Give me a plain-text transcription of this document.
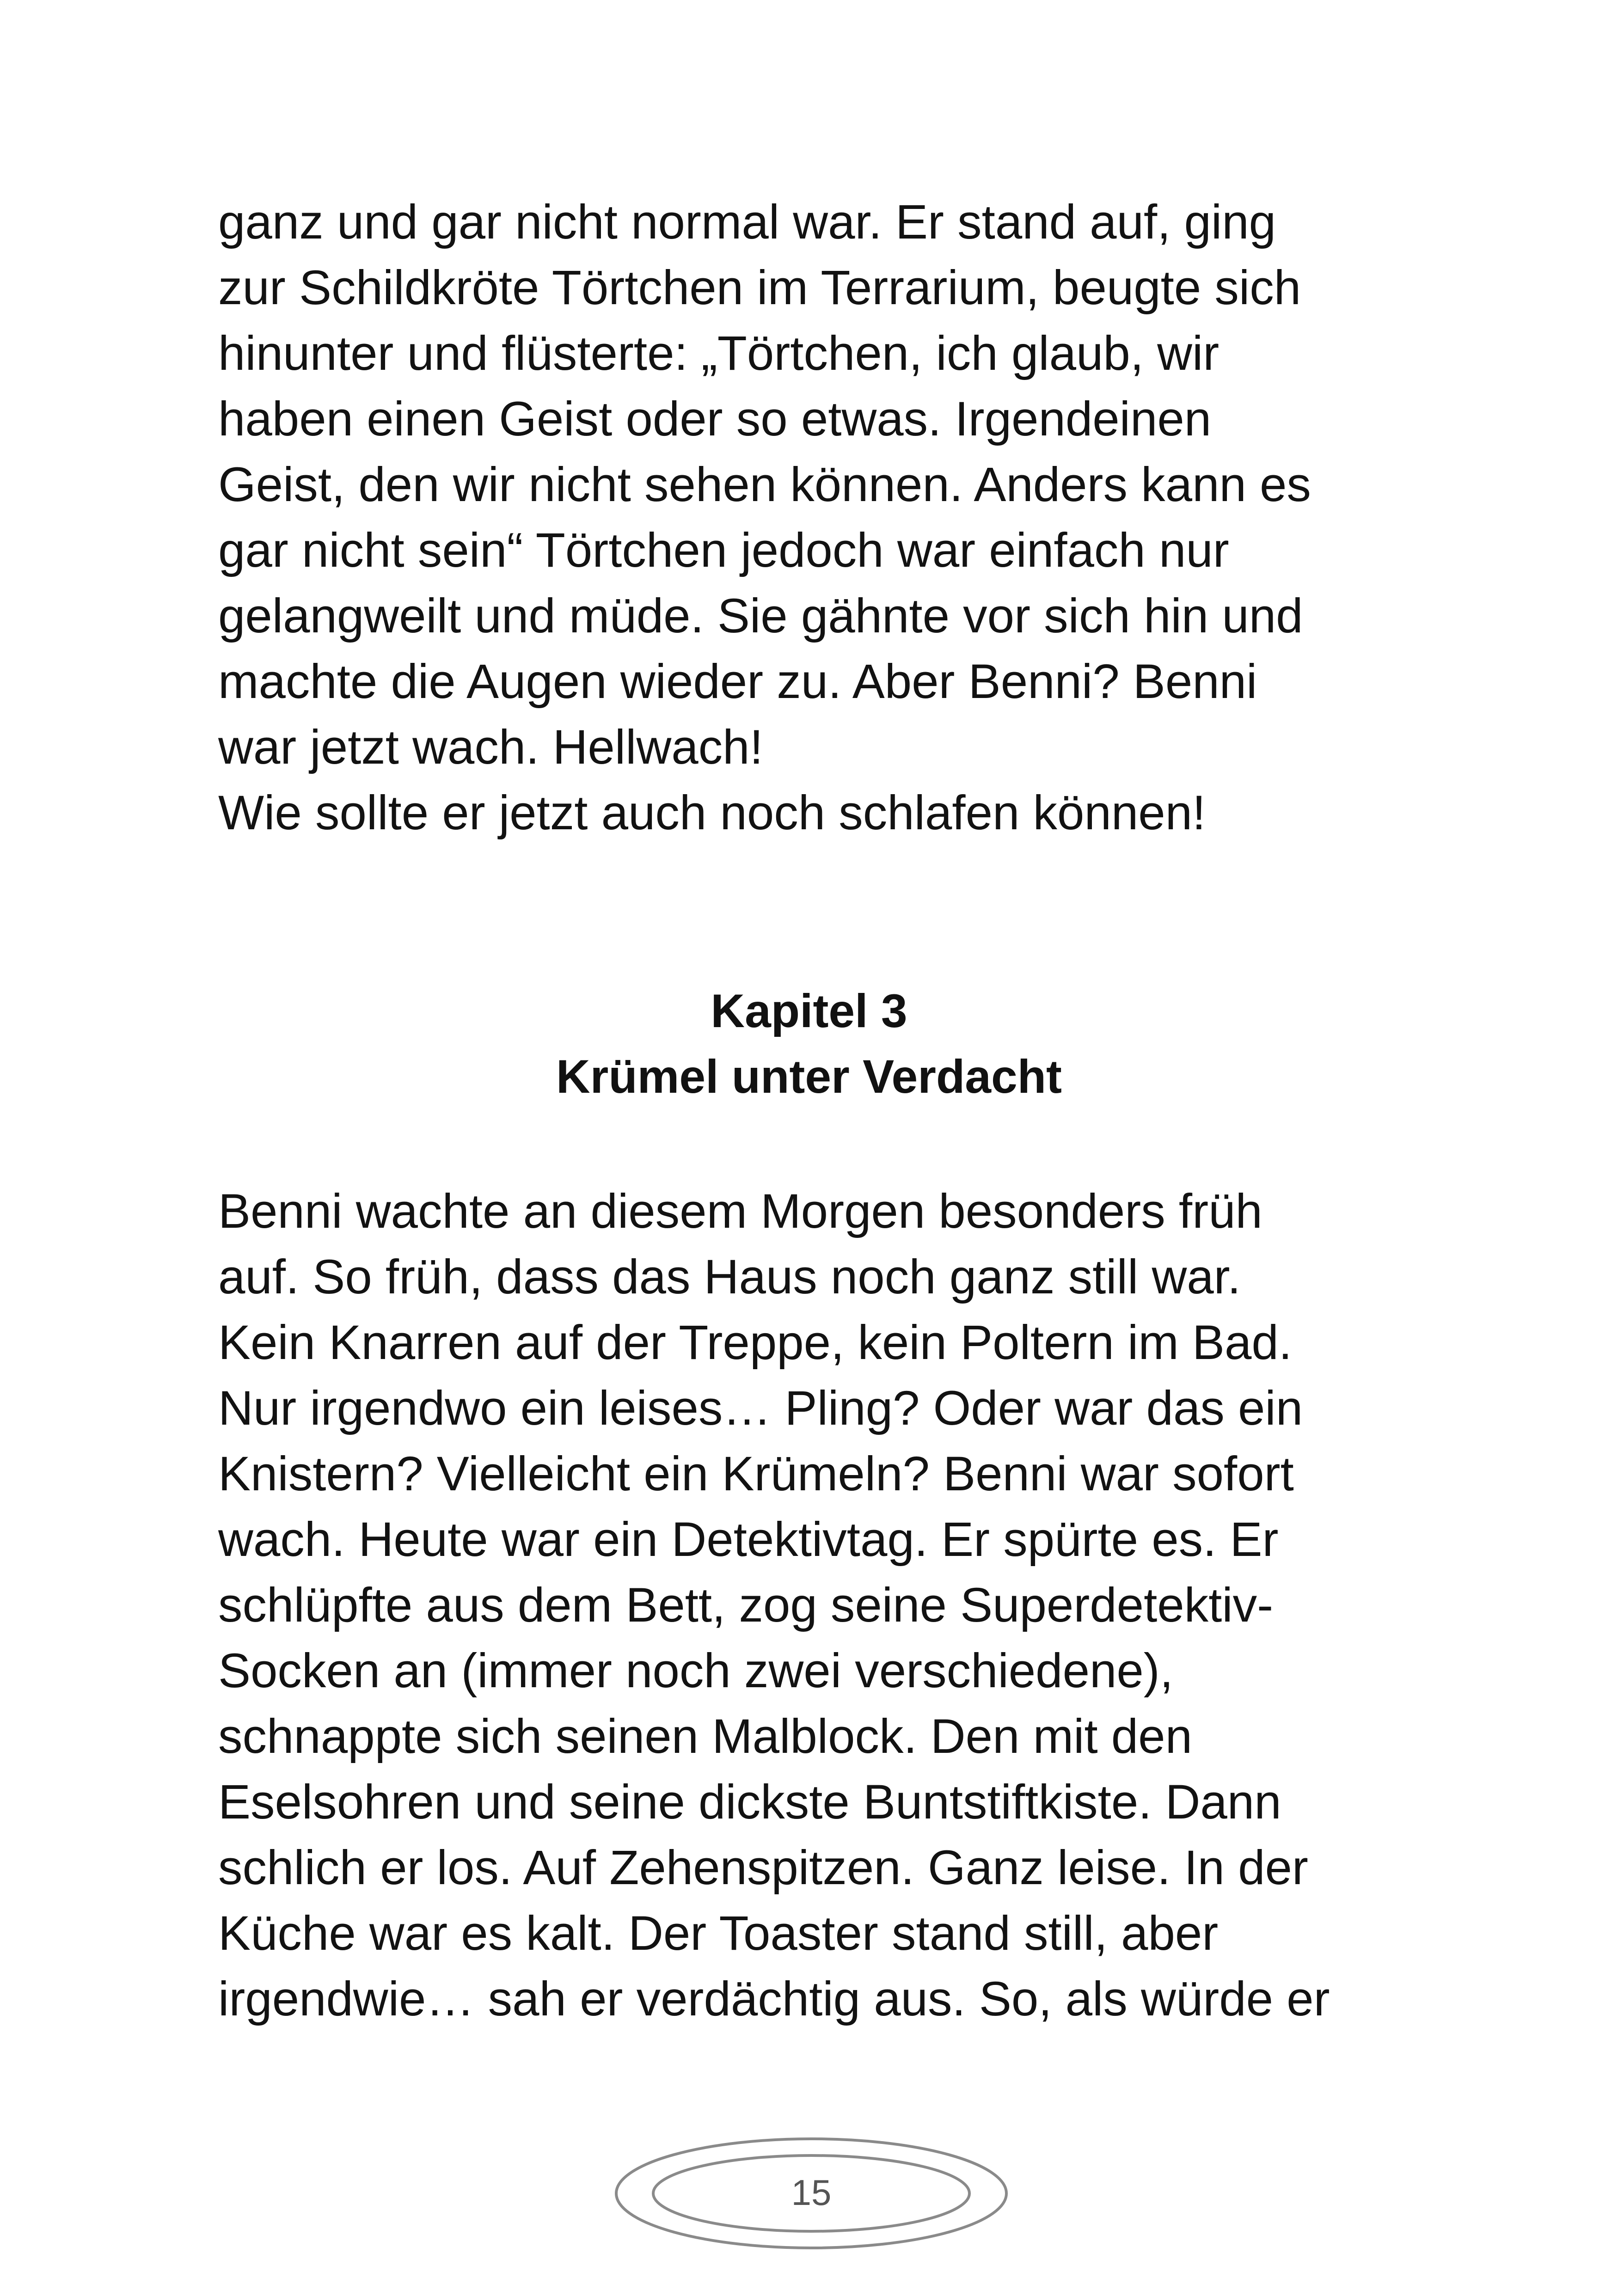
ganz und gar nicht normal war. Er stand auf, ging
zur Schildkröte Törtchen im Terrarium, beugte sich
hinunter und flüsterte: „Törtchen, ich glaub, wir
haben einen Geist oder so etwas. Irgendeinen
Geist, den wir nicht sehen können. Anders kann es
gar nicht sein“ Törtchen jedoch war einfach nur
gelangweilt und müde. Sie gähnte vor sich hin und
machte die Augen wieder zu. Aber Benni? Benni
war jetzt wach. Hellwach!
Wie sollte er jetzt auch noch schlafen können!
Kapitel 3
Krümel unter Verdacht
Benni wachte an diesem Morgen besonders früh
auf. So früh, dass das Haus noch ganz still war.
Kein Knarren auf der Treppe, kein Poltern im Bad.
Nur irgendwo ein leises… Pling? Oder war das ein
Knistern? Vielleicht ein Krümeln? Benni war sofort
wach. Heute war ein Detektivtag. Er spürte es. Er
schlüpfte aus dem Bett, zog seine Superdetektiv-
Socken an (immer noch zwei verschiedene),
schnappte sich seinen Malblock. Den mit den
Eselsohren und seine dickste Buntstiftkiste. Dann
schlich er los. Auf Zehenspitzen. Ganz leise. In der
Küche war es kalt. Der Toaster stand still, aber
irgendwie… sah er verdächtig aus. So, als würde er
15
